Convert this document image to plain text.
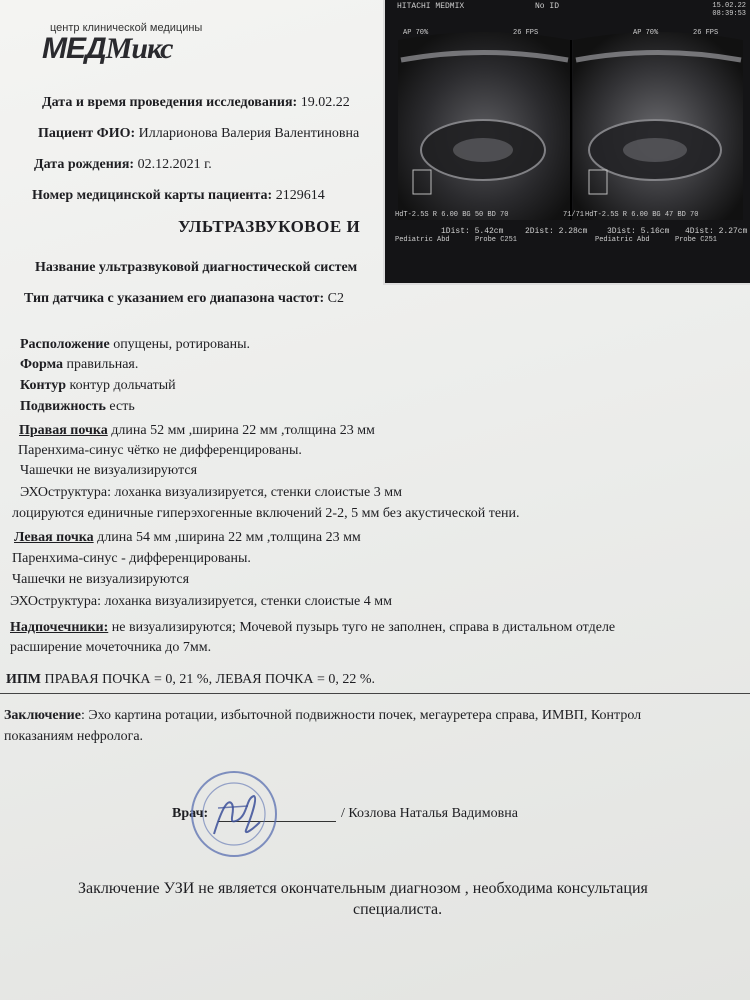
центр клинической медицины
МЕДМикс
Дата и время проведения исследования: 19.02.22
Пациент ФИО: Илларионова Валерия Валентиновна
Дата рождения: 02.12.2021 г.
Номер медицинской карты пациента: 2129614
УЛЬТРАЗВУКОВОЕ И
Название ультразвуковой диагностической систем
Тип датчика с указанием его диапазона частот: С2
Расположение опущены, ротированы.
Форма правильная.
Контур контур дольчатый
Подвижность есть
Правая почка длина 52 мм ,ширина 22 мм ,толщина 23 мм
Паренхима-синус чётко не дифференцированы.
Чашечки не визуализируются
ЭХОструктура: лоханка визуализируется, стенки слоистые 3 мм
лоцируются единичные гиперэхогенные включений 2-2, 5 мм без акустической тени.
Левая почка длина 54 мм ,ширина 22 мм ,толщина 23 мм
Паренхима-синус - дифференцированы.
Чашечки не визуализируются
ЭХОструктура: лоханка визуализируется, стенки слоистые 4 мм
Надпочечники: не визуализируются; Мочевой пузырь туго не заполнен, справа в дистальном отделе
расширение мочеточника до 7мм.
ИПМ ПРАВАЯ ПОЧКА = 0, 21 %, ЛЕВАЯ ПОЧКА = 0, 22 %.
Заключение: Эхо картина ротации, избыточной подвижности почек, мегауретера справа, ИМВП, Контрол
показаниям нефролога.
Врач:	/ Козлова Наталья Вадимовна
Заключение УЗИ не является окончательным диагнозом , необходима консультация
специалиста.
HITACHI MEDMIX	No ID	15.02.22
08:39:53
AP 70%	26 FPS	AP 70%	26 FPS
HdT-2.5S R 6.00 BG 50 BD 70	71/71 HdT-2.5S R 6.00 BG 47 BD 70
1Dist: 5.42cm	2Dist: 2.28cm 3Dist: 5.16cm 4Dist: 2.27cm
Pediatric Abd	Probe C251	Pediatric Abd	Probe C251
